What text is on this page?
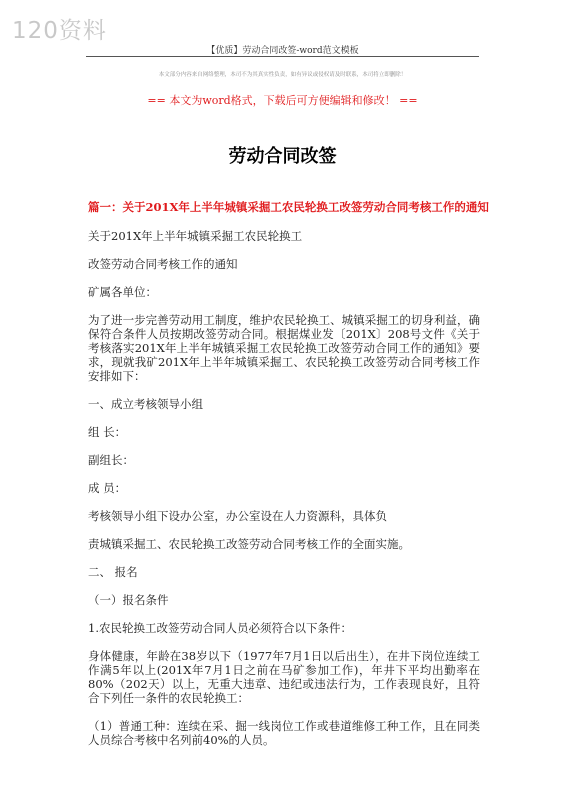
120资料
【优质】劳动合同改签-word范文模板
本文部分内容来自网络整理，本司不为其真实性负责，如有异议或侵权请及时联系，本司将立即删除！
== 本文为word格式，下载后可方便编辑和修改！ ==
劳动合同改签
篇一：关于201X年上半年城镇采掘工农民轮换工改签劳动合同考核工作的通知

关于201X年上半年城镇采掘工农民轮换工

改签劳动合同考核工作的通知

矿属各单位：

为了进一步完善劳动用工制度，维护农民轮换工、城镇采掘工的切身利益，确保符合条件人员按期改签劳动合同。根据煤业发〔201X〕208号文件《关于考核落实201X年上半年城镇采掘工农民轮换工改签劳动合同工作的通知》要求，现就我矿201X年上半年城镇采掘工、农民轮换工改签劳动合同考核工作安排如下：

一、成立考核领导小组

组 长：

副组长：

成 员：

考核领导小组下设办公室，办公室设在人力资源科，具体负

责城镇采掘工、农民轮换工改签劳动合同考核工作的全面实施。

二、 报名

（一）报名条件

1.农民轮换工改签劳动合同人员必须符合以下条件：

身体健康，年龄在38岁以下（1977年7月1日以后出生），在井下岗位连续工作满5年以上(201X年7月1日之前在马矿参加工作)，年井下平均出勤率在80%（202天）以上，无重大违章、违纪或违法行为，工作表现良好，且符合下列任一条件的农民轮换工：

（1）普通工种：连续在采、掘一线岗位工作或巷道维修工种工作，且在同类人员综合考核中名列前40%的人员。
